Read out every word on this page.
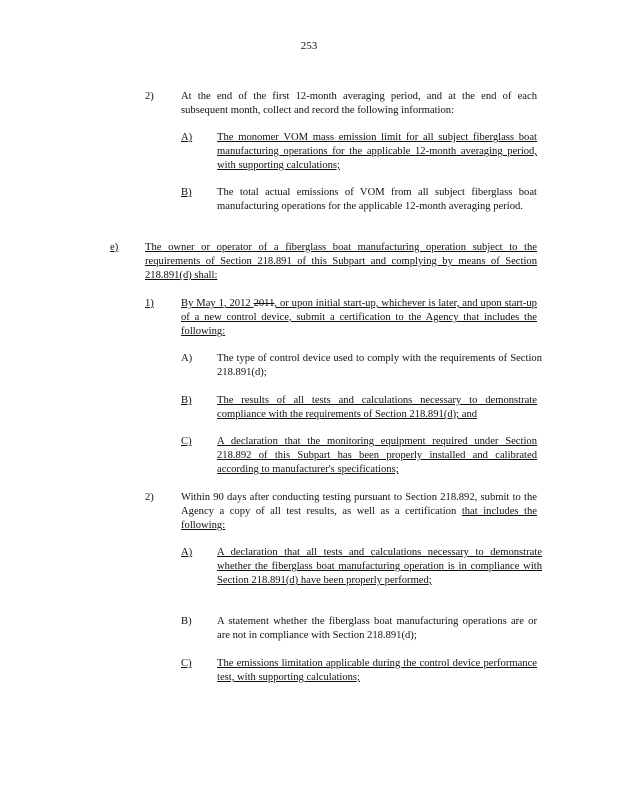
253
2)	At the end of the first 12-month averaging period, and at the end of each subsequent month, collect and record the following information:
A) The monomer VOM mass emission limit for all subject fiberglass boat manufacturing operations for the applicable 12-month averaging period, with supporting calculations;
B) The total actual emissions of VOM from all subject fiberglass boat manufacturing operations for the applicable 12-month averaging period.
e)	The owner or operator of a fiberglass boat manufacturing operation subject to the requirements of Section 218.891 of this Subpart and complying by means of Section 218.891(d) shall:
1)	By May 1, 2012 2011, or upon initial start-up, whichever is later, and upon start-up of a new control device, submit a certification to the Agency that includes the following:
A) The type of control device used to comply with the requirements of Section 218.891(d);
B) The results of all tests and calculations necessary to demonstrate compliance with the requirements of Section 218.891(d); and
C) A declaration that the monitoring equipment required under Section 218.892 of this Subpart has been properly installed and calibrated according to manufacturer's specifications;
2)	Within 90 days after conducting testing pursuant to Section 218.892, submit to the Agency a copy of all test results, as well as a certification that includes the following:
A) A declaration that all tests and calculations necessary to demonstrate whether the fiberglass boat manufacturing operation is in compliance with Section 218.891(d) have been properly performed;
B) A statement whether the fiberglass boat manufacturing operations are or are not in compliance with Section 218.891(d);
C) The emissions limitation applicable during the control device performance test, with supporting calculations;
